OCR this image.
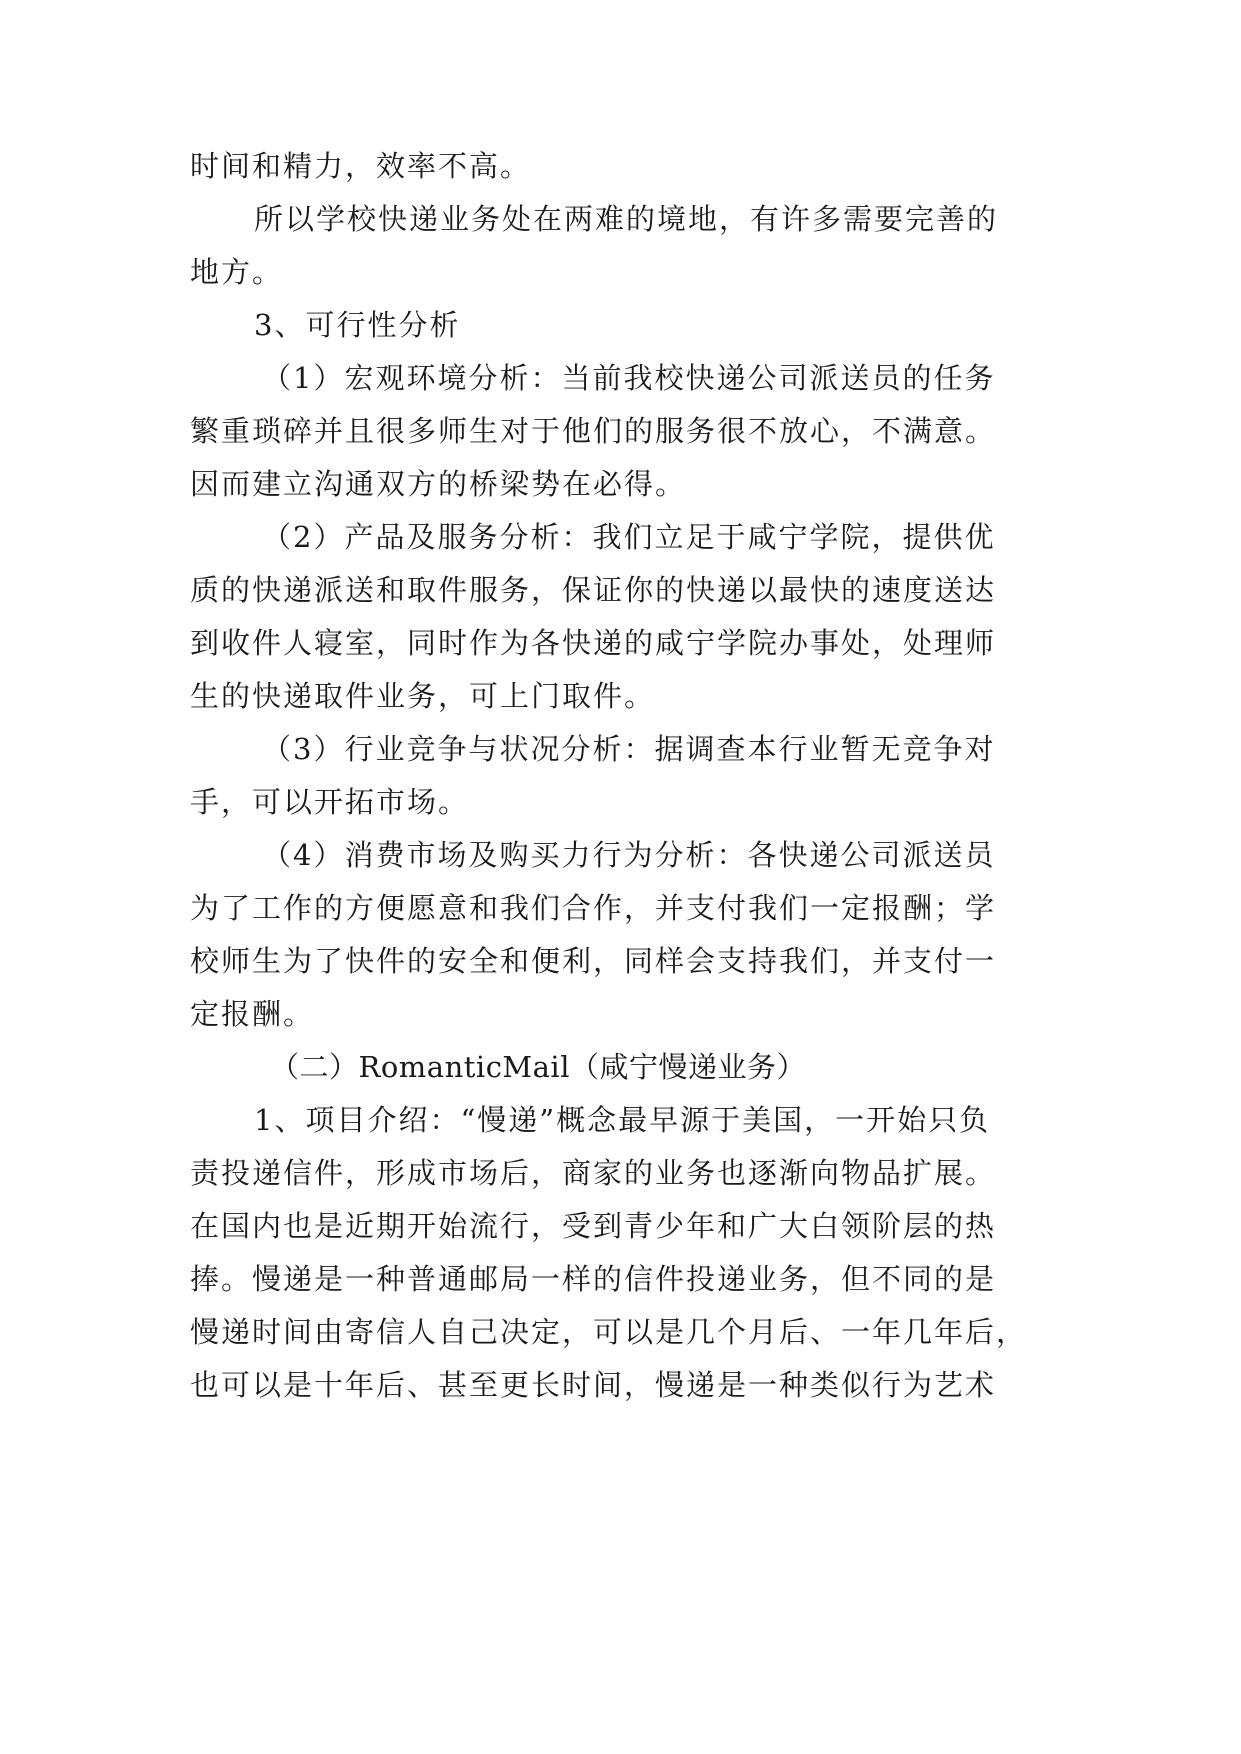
时间和精力，效率不高。
所以学校快递业务处在两难的境地，有许多需要完善的
地方。
3、可行性分析
（1）宏观环境分析：当前我校快递公司派送员的任务
繁重琐碎并且很多师生对于他们的服务很不放心，不满意。
因而建立沟通双方的桥梁势在必得。
（2）产品及服务分析：我们立足于咸宁学院，提供优
质的快递派送和取件服务，保证你的快递以最快的速度送达
到收件人寝室，同时作为各快递的咸宁学院办事处，处理师
生的快递取件业务，可上门取件。
（3）行业竞争与状况分析：据调查本行业暂无竞争对
手，可以开拓市场。
（4）消费市场及购买力行为分析：各快递公司派送员
为了工作的方便愿意和我们合作，并支付我们一定报酬；学
校师生为了快件的安全和便利，同样会支持我们，并支付一
定报酬。
（二）RomanticMail（咸宁慢递业务）
1、项目介绍：“慢递”概念最早源于美国，一开始只负
责投递信件，形成市场后，商家的业务也逐渐向物品扩展。
在国内也是近期开始流行，受到青少年和广大白领阶层的热
捧。慢递是一种普通邮局一样的信件投递业务，但不同的是
慢递时间由寄信人自己决定，可以是几个月后、一年几年后，
也可以是十年后、甚至更长时间，慢递是一种类似行为艺术
